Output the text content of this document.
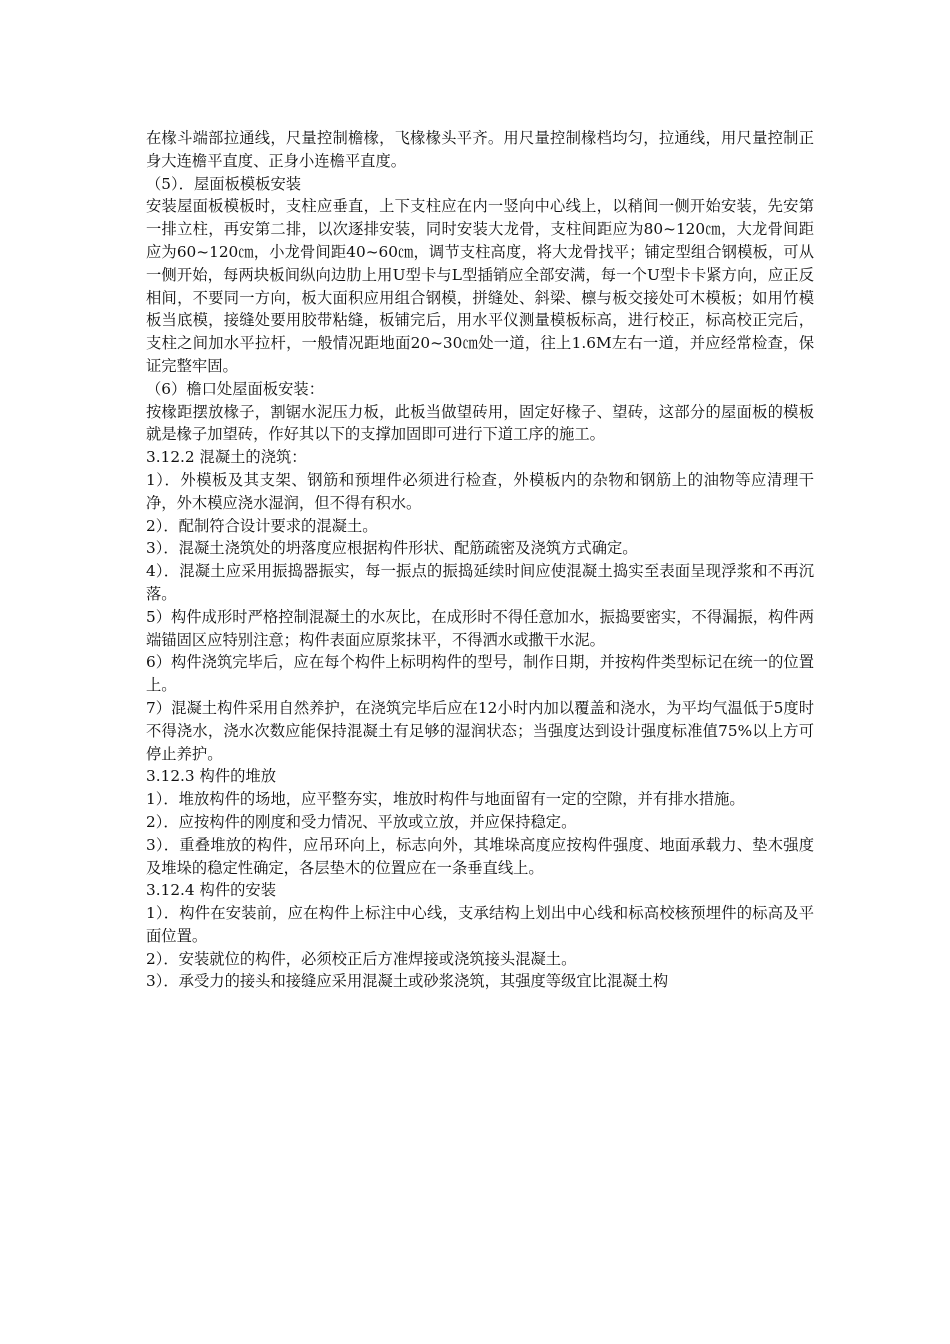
在椽斗端部拉通线，尺量控制檐椽，飞椽椽头平齐。用尺量控制椽档均匀，拉通线，用尺量控制正身大连檐平直度、正身小连檐平直度。

（5）．屋面板模板安装

安装屋面板模板时，支柱应垂直，上下支柱应在内一竖向中心线上，以稍间一侧开始安装，先安第一排立柱，再安第二排，以次逐排安装，同时安装大龙骨，支柱间距应为80~120㎝，大龙骨间距应为60~120㎝，小龙骨间距40~60㎝，调节支柱高度，将大龙骨找平；铺定型组合钢模板，可从一侧开始，每两块板间纵向边肋上用U型卡与L型插销应全部安满，每一个U型卡卡紧方向，应正反相间，不要同一方向，板大面积应用组合钢模，拼缝处、斜梁、檩与板交接处可木模板；如用竹模板当底模，接缝处要用胶带粘缝，板铺完后，用水平仪测量模板标高，进行校正，标高校正完后，支柱之间加水平拉杆，一般情况距地面20~30㎝处一道，往上1.6M左右一道，并应经常检查，保证完整牢固。

（6）檐口处屋面板安装：

按椽距摆放椽子，割锯水泥压力板，此板当做望砖用，固定好椽子、望砖，这部分的屋面板的模板就是椽子加望砖，作好其以下的支撑加固即可进行下道工序的施工。

3.12.2 混凝土的浇筑：

1）．外模板及其支架、钢筋和预埋件必须进行检查，外模板内的杂物和钢筋上的油物等应清理干净，外木模应浇水湿润，但不得有积水。

2）．配制符合设计要求的混凝土。

3）．混凝土浇筑处的坍落度应根据构件形状、配筋疏密及浇筑方式确定。

4）．混凝土应采用振捣器振实，每一振点的振捣延续时间应使混凝土捣实至表面呈现浮浆和不再沉落。

5）构件成形时严格控制混凝土的水灰比，在成形时不得任意加水，振捣要密实，不得漏振，构件两端锚固区应特别注意；构件表面应原浆抹平，不得洒水或撒干水泥。

6）构件浇筑完毕后，应在每个构件上标明构件的型号，制作日期，并按构件类型标记在统一的位置上。

7）混凝土构件采用自然养护，在浇筑完毕后应在12小时内加以覆盖和浇水，为平均气温低于5度时不得浇水，浇水次数应能保持混凝土有足够的湿润状态；当强度达到设计强度标准值75%以上方可停止养护。

3.12.3 构件的堆放

1）．堆放构件的场地，应平整夯实，堆放时构件与地面留有一定的空隙，并有排水措施。

2）．应按构件的刚度和受力情况、平放或立放，并应保持稳定。

3）．重叠堆放的构件，应吊环向上，标志向外，其堆垛高度应按构件强度、地面承载力、垫木强度及堆垛的稳定性确定，各层垫木的位置应在一条垂直线上。

3.12.4 构件的安装

1）．构件在安装前，应在构件上标注中心线，支承结构上划出中心线和标高校核预埋件的标高及平面位置。

2）．安装就位的构件，必须校正后方准焊接或浇筑接头混凝土。

3）．承受力的接头和接缝应采用混凝土或砂浆浇筑，其强度等级宜比混凝土构
